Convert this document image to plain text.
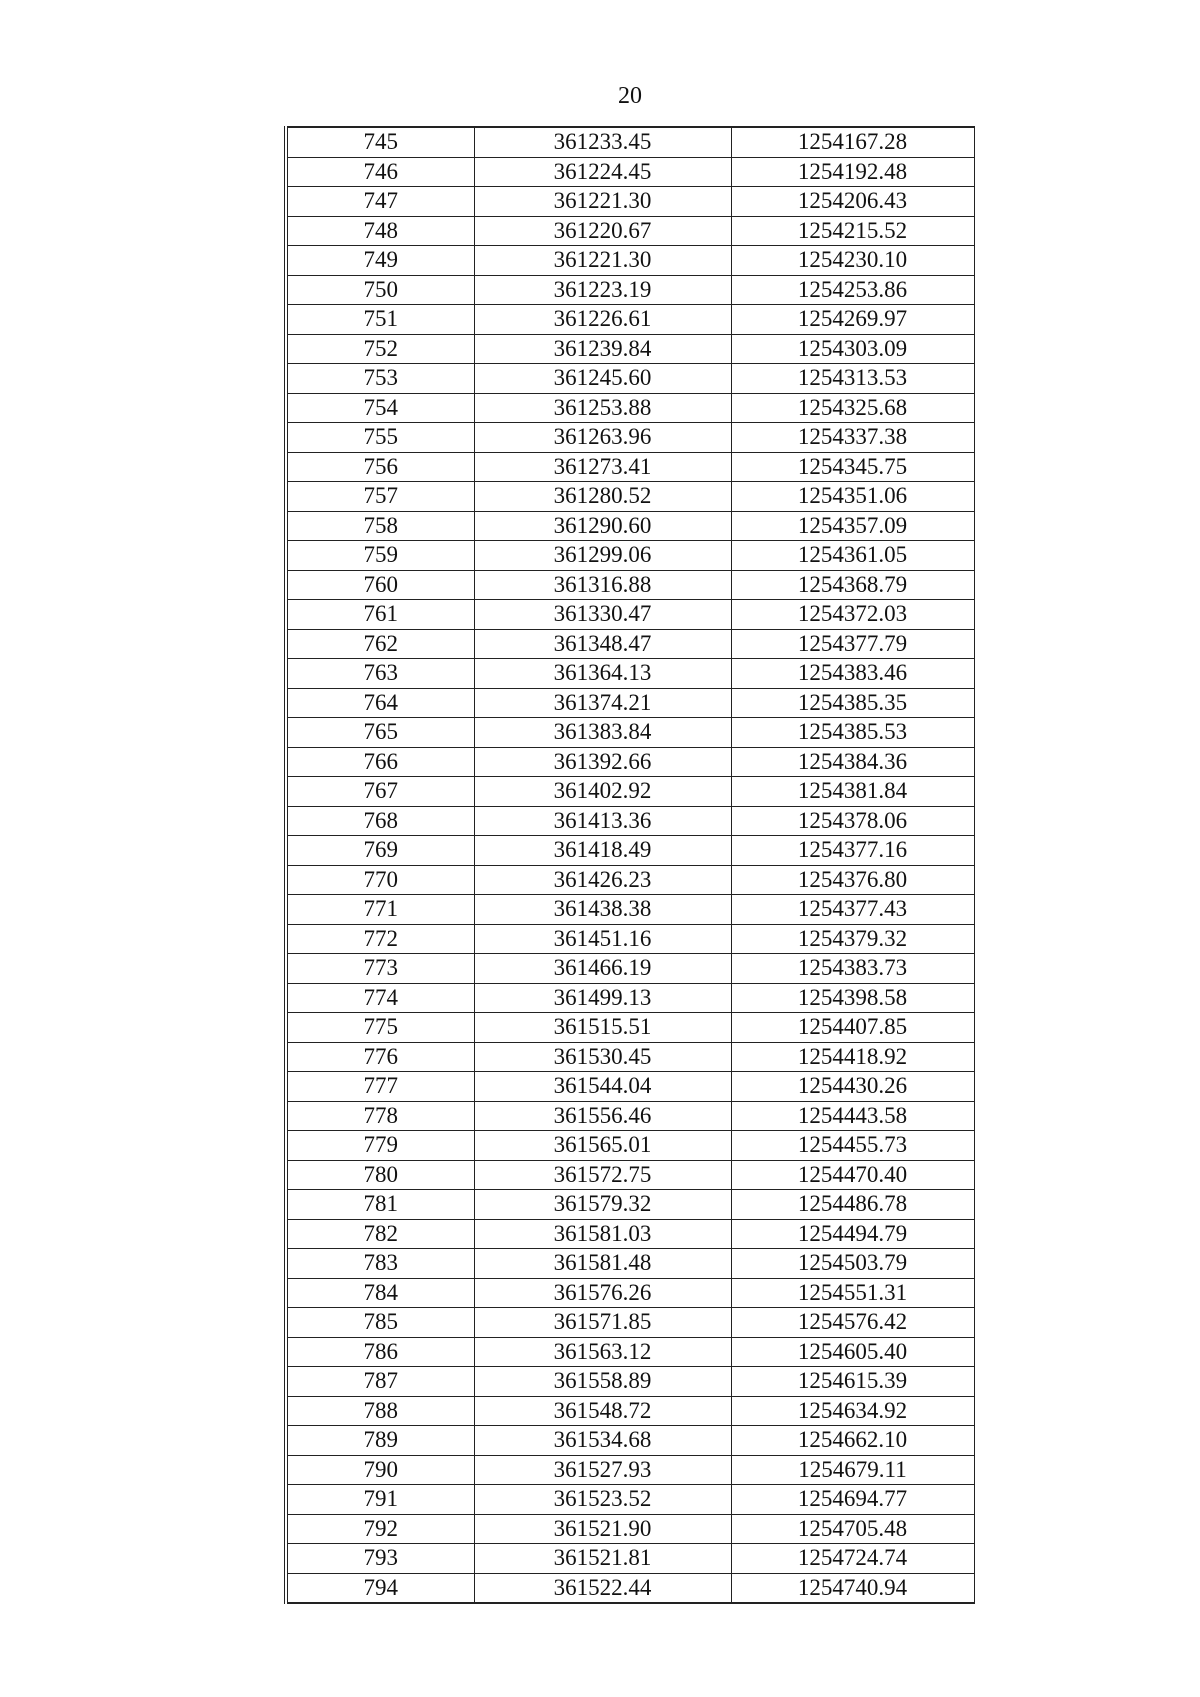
20
745	361233.45	1254167.28
746	361224.45	1254192.48
747	361221.30	1254206.43
748	361220.67	1254215.52
749	361221.30	1254230.10
750	361223.19	1254253.86
751	361226.61	1254269.97
752	361239.84	1254303.09
753	361245.60	1254313.53
754	361253.88	1254325.68
755	361263.96	1254337.38
756	361273.41	1254345.75
757	361280.52	1254351.06
758	361290.60	1254357.09
759	361299.06	1254361.05
760	361316.88	1254368.79
761	361330.47	1254372.03
762	361348.47	1254377.79
763	361364.13	1254383.46
764	361374.21	1254385.35
765	361383.84	1254385.53
766	361392.66	1254384.36
767	361402.92	1254381.84
768	361413.36	1254378.06
769	361418.49	1254377.16
770	361426.23	1254376.80
771	361438.38	1254377.43
772	361451.16	1254379.32
773	361466.19	1254383.73
774	361499.13	1254398.58
775	361515.51	1254407.85
776	361530.45	1254418.92
777	361544.04	1254430.26
778	361556.46	1254443.58
779	361565.01	1254455.73
780	361572.75	1254470.40
781	361579.32	1254486.78
782	361581.03	1254494.79
783	361581.48	1254503.79
784	361576.26	1254551.31
785	361571.85	1254576.42
786	361563.12	1254605.40
787	361558.89	1254615.39
788	361548.72	1254634.92
789	361534.68	1254662.10
790	361527.93	1254679.11
791	361523.52	1254694.77
792	361521.90	1254705.48
793	361521.81	1254724.74
794	361522.44	1254740.94
